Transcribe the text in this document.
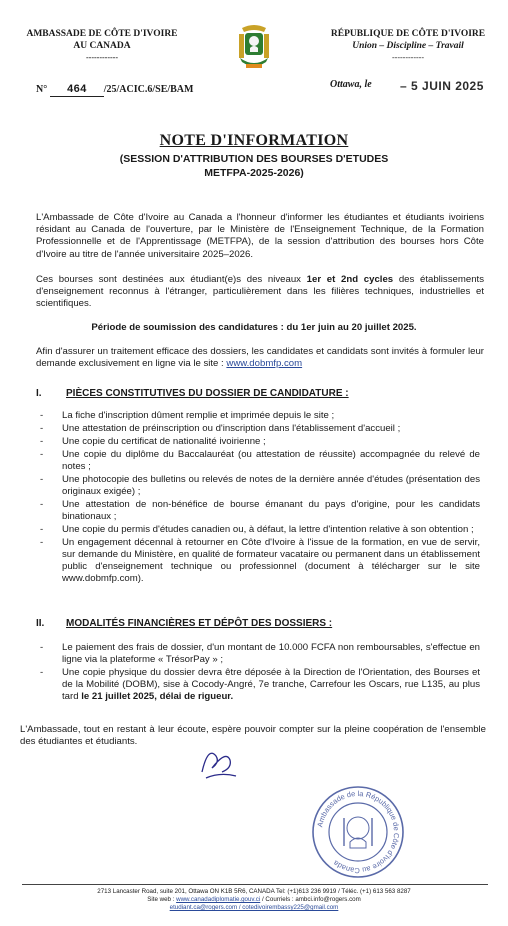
AMBASSADE DE CÔTE D'IVOIRE
AU CANADA
------------
RÉPUBLIQUE DE CÔTE D'IVOIRE
Union – Discipline – Travail
------------
N° 464 /25/ACIC.6/SE/BAM	Ottawa, le – 5 JUIN 2025
NOTE D'INFORMATION
(SESSION D'ATTRIBUTION DES BOURSES D'ETUDES
METFPA-2025-2026)
L'Ambassade de Côte d'Ivoire au Canada a l'honneur d'informer les étudiantes et étudiants ivoiriens résidant au Canada de l'ouverture, par le Ministère de l'Enseignement Technique, de la Formation Professionnelle et de l'Apprentissage (METFPA), de la session d'attribution des bourses hors Côte d'Ivoire au titre de l'année universitaire 2025–2026.
Ces bourses sont destinées aux étudiant(e)s des niveaux 1er et 2nd cycles des établissements d'enseignement reconnus à l'étranger, particulièrement dans les filières techniques, industrielles et scientifiques.
Période de soumission des candidatures : du 1er juin au 20 juillet 2025.
Afin d'assurer un traitement efficace des dossiers, les candidates et candidats sont invités à formuler leur demande exclusivement en ligne via le site : www.dobmfp.com
I. PIÈCES CONSTITUTIVES DU DOSSIER DE CANDIDATURE :
- La fiche d'inscription dûment remplie et imprimée depuis le site ;
- Une attestation de préinscription ou d'inscription dans l'établissement d'accueil ;
- Une copie du certificat de nationalité ivoirienne ;
- Une copie du diplôme du Baccalauréat (ou attestation de réussite) accompagnée du relevé de notes ;
- Une photocopie des bulletins ou relevés de notes de la dernière année d'études (présentation des originaux exigée) ;
- Une attestation de non-bénéfice de bourse émanant du pays d'origine, pour les candidats binationaux ;
- Une copie du permis d'études canadien ou, à défaut, la lettre d'intention relative à son obtention ;
- Un engagement décennal à retourner en Côte d'Ivoire à l'issue de la formation, en vue de servir, sur demande du Ministère, en qualité de formateur vacataire ou permanent dans un établissement public d'enseignement technique ou professionnel (document à télécharger sur le site www.dobmfp.com).
II. MODALITÉS FINANCIÈRES ET DÉPÔT DES DOSSIERS :
- Le paiement des frais de dossier, d'un montant de 10.000 FCFA non remboursables, s'effectue en ligne via la plateforme « TrésorPay » ;
- Une copie physique du dossier devra être déposée à la Direction de l'Orientation, des Bourses et de la Mobilité (DOBM), sise à Cocody-Angré, 7e tranche, Carrefour les Oscars, rue L135, au plus tard le 21 juillet 2025, délai de rigueur.
L'Ambassade, tout en restant à leur écoute, espère pouvoir compter sur la pleine coopération de l'ensemble des étudiantes et étudiants.
Ambassade de la République de Côte d'Ivoire au Canada
2713 Lancaster Road, suite 201, Ottawa ON K1B 5R6, CANADA Tel: (+1)613 236 9919 / Téléc. (+1) 613 563 8287
Site web : www.canadadiplomatie.gouv.ci / Courriels : ambci.info@rogers.com
etudiant.ca@rogers.com / cotedivoirembassy225@gmail.com
